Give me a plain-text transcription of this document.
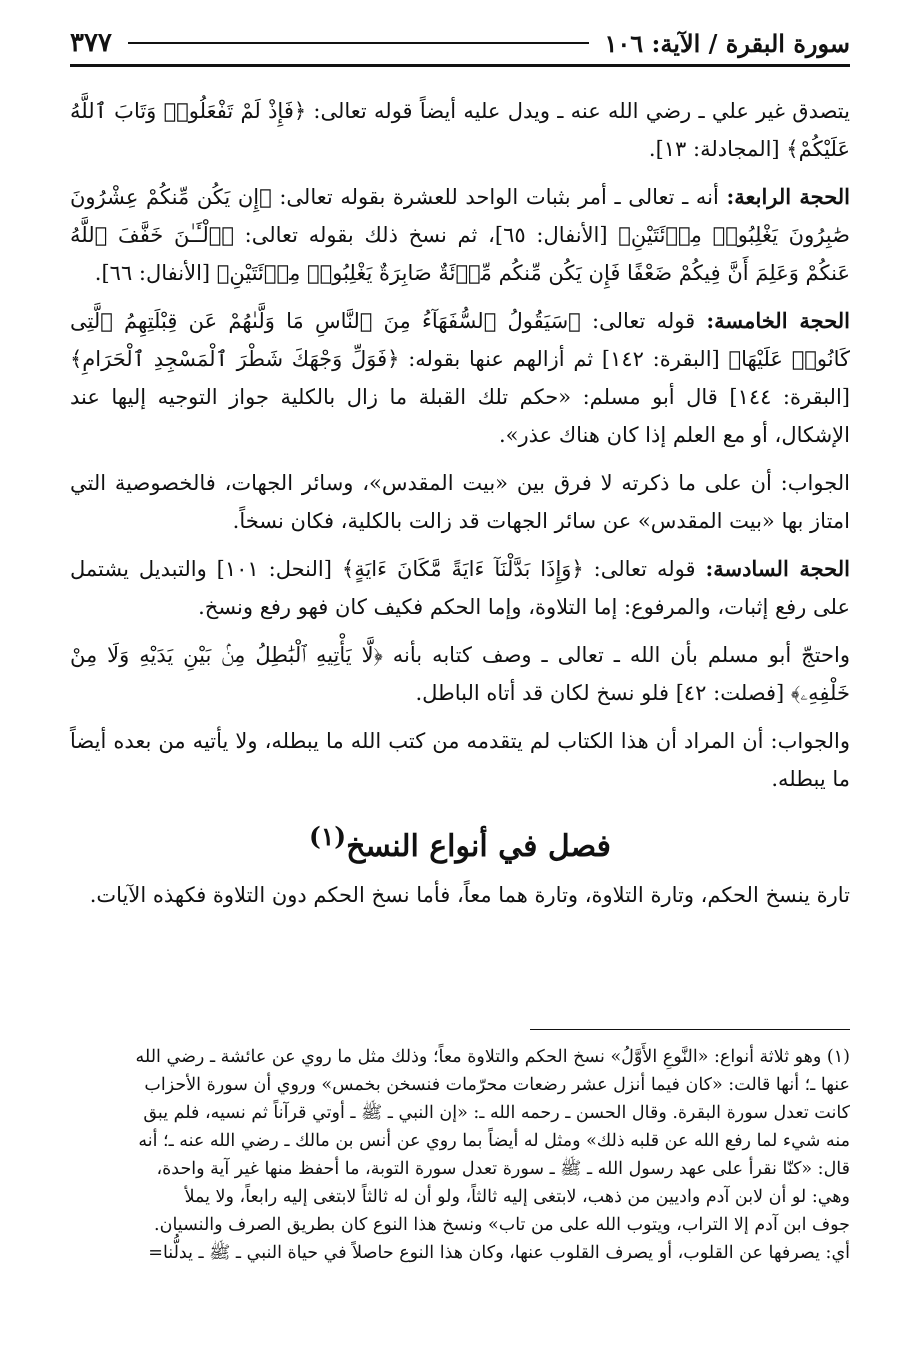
سورة البقرة / الآية: ١٠٦
٣٧٧

يتصدق غير علي ـ رضي الله عنه ـ ويدل عليه أيضاً قوله تعالى: ﴿فَإِذْ لَمْ تَفْعَلُوا۟ وَتَابَ ٱللَّهُ عَلَيْكُمْ﴾ [المجادلة: ١٣].

الحجة الرابعة: أنه ـ تعالى ـ أمر بثبات الواحد للعشرة بقوله تعالى: ﴿إِن يَكُن مِّنكُمْ عِشْرُونَ صَٰبِرُونَ يَغْلِبُوا۟ مِا۟ئَتَيْنِ﴾ [الأنفال: ٦٥]، ثم نسخ ذلك بقوله تعالى: ﴿ٱلْـَٔـٰنَ خَفَّفَ ٱللَّهُ عَنكُمْ وَعَلِمَ أَنَّ فِيكُمْ ضَعْفًا فَإِن يَكُن مِّنكُم مِّا۟ئَةٌ صَابِرَةٌ يَغْلِبُوا۟ مِا۟ئَتَيْنِ﴾ [الأنفال: ٦٦].

الحجة الخامسة: قوله تعالى: ﴿سَيَقُولُ ٱلسُّفَهَآءُ مِنَ ٱلنَّاسِ مَا وَلَّىٰهُمْ عَن قِبْلَتِهِمُ ٱلَّتِى كَانُوا۟ عَلَيْهَا﴾ [البقرة: ١٤٢] ثم أزالهم عنها بقوله: ﴿فَوَلِّ وَجْهَكَ شَطْرَ ٱلْمَسْجِدِ ٱلْحَرَامِ﴾ [البقرة: ١٤٤] قال أبو مسلم: «حكم تلك القبلة ما زال بالكلية جواز التوجيه إليها عند الإشكال، أو مع العلم إذا كان هناك عذر».

الجواب: أن على ما ذكرته لا فرق بين «بيت المقدس»، وسائر الجهات، فالخصوصية التي امتاز بها «بيت المقدس» عن سائر الجهات قد زالت بالكلية، فكان نسخاً.

الحجة السادسة: قوله تعالى: ﴿وَإِذَا بَدَّلْنَآ ءَايَةً مَّكَانَ ءَايَةٍ﴾ [النحل: ١٠١] والتبديل يشتمل على رفع إثبات، والمرفوع: إما التلاوة، وإما الحكم فكيف كان فهو رفع ونسخ.

واحتجّ أبو مسلم بأن الله ـ تعالى ـ وصف كتابه بأنه ﴿لَّا يَأْتِيهِ ٱلْبَٰطِلُ مِنۢ بَيْنِ يَدَيْهِ وَلَا مِنْ خَلْفِهِۦ﴾ [فصلت: ٤٢] فلو نسخ لكان قد أتاه الباطل.

والجواب: أن المراد أن هذا الكتاب لم يتقدمه من كتب الله ما يبطله، ولا يأتيه من بعده أيضاً ما يبطله.

فصل في أنواع النسخ$^{(١)}$

تارة ينسخ الحكم، وتارة التلاوة، وتارة هما معاً، فأما نسخ الحكم دون التلاوة فكهذه الآيات.

(١) وهو ثلاثة أنواع: «النَّوعِ الأَوَّلُ» نسخ الحكم والتلاوة معاً؛ وذلك مثل ما روي عن عائشة ـ رضي الله

عنها ـ؛ أنها قالت: «كان فيما أنزل عشر رضعات محرّمات فنسخن بخمس» وروي أن سورة الأحزاب

كانت تعدل سورة البقرة. وقال الحسن ـ رحمه الله ـ: «إن النبي ـ ﷺ ـ أوتي قرآناً ثم نسيه، فلم يبق

منه شيء لما رفع الله عن قلبه ذلك» ومثل له أيضاً بما روي عن أنس بن مالك ـ رضي الله عنه ـ؛ أنه

قال: «كنّا نقرأ على عهد رسول الله ـ ﷺ ـ سورة تعدل سورة التوبة، ما أحفظ منها غير آية واحدة،

وهي: لو أن لابن آدم واديين من ذهب، لابتغى إليه ثالثاً، ولو أن له ثالثاً لابتغى إليه رابعاً، ولا يملأ

جوف ابن آدم إلا التراب، ويتوب الله على من تاب» ونسخ هذا النوع كان بطريق الصرف والنسيان.

أي: يصرفها عن القلوب، أو يصرف القلوب عنها، وكان هذا النوع حاصلاً في حياة النبي ـ ﷺ ـ يدلُّنا=
